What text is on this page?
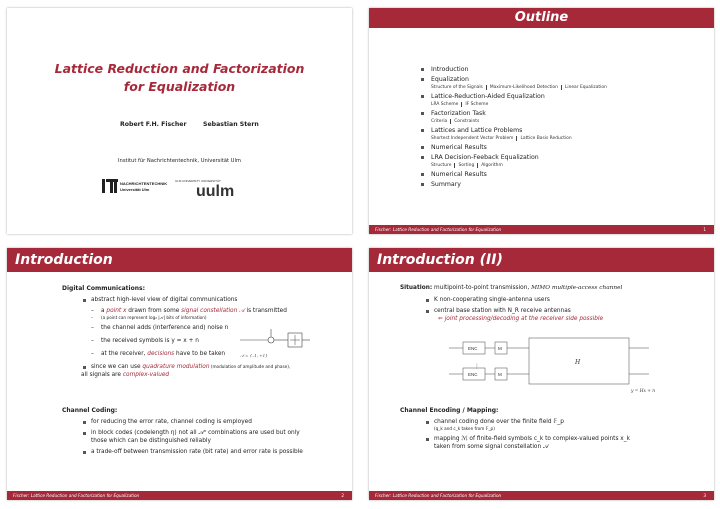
Lattice Reduction and Factorization
for Equalization
Robert F.H. Fischer	Sebastian Stern
Institut für Nachrichtentechnik, Universität Ulm
NACHRICHTENTECHNIK
Universität Ulm
ULM UNIVERSITY UNIVERSITÄT
uulm
Outline
Introduction
Equalization
Structure of the Signals Maximum-Likelihood Detection Linear Equalization
Lattice-Reduction-Aided Equalization
LRA Scheme IF Scheme
Factorization Task
Criteria Constraints
Lattices and Lattice Problems
Shortest Independent Vector Problem Lattice Basis Reduction
Numerical Results
LRA Decision-Feeback Equalization
Structure Sorting Algorithm
Numerical Results
Summary
Fischer: Lattice Reduction and Factorization for Equalization	1
Introduction
Digital Communications:
abstract high-level view of digital communications
– a point x drawn from some signal constellation 𝒜 is transmitted
– (a point can represent log₂ |𝒜| bits of information)
– the channel adds (interference and) noise n
– the received symbols is y = x + n
– at the receiver, decisions have to be taken
since we can use quadrature modulation (modulation of amplitude and phase),
all signals are complex-valued
𝒜 = {–1, +1}
Channel Coding:
for reducing the error rate, channel coding is employed
in block codes (codelength η) not all 𝒜ⁿ combinations are used but only
those which can be distinguished reliably
a trade-off between transmission rate (bit rate) and error rate is possible
Fischer: Lattice Reduction and Factorization for Equalization	2
Introduction (II)
Situation: multipoint-to-point transmission, MIMO multiple-access channel
K non-cooperating single-antenna users
central base station with N_R receive antennas
⇐ joint processing/decoding at the receiver side possible
ENC	M
⋮
ENC	M
H
y = Hx + n
Channel Encoding / Mapping:
channel coding done over the finite field 𝔽_p
(q_k and c_k taken from 𝔽_p)
mapping ℳ of finite-field symbols c_k to complex-valued points x_k
taken from some signal constellation 𝒜
Fischer: Lattice Reduction and Factorization for Equalization	3
